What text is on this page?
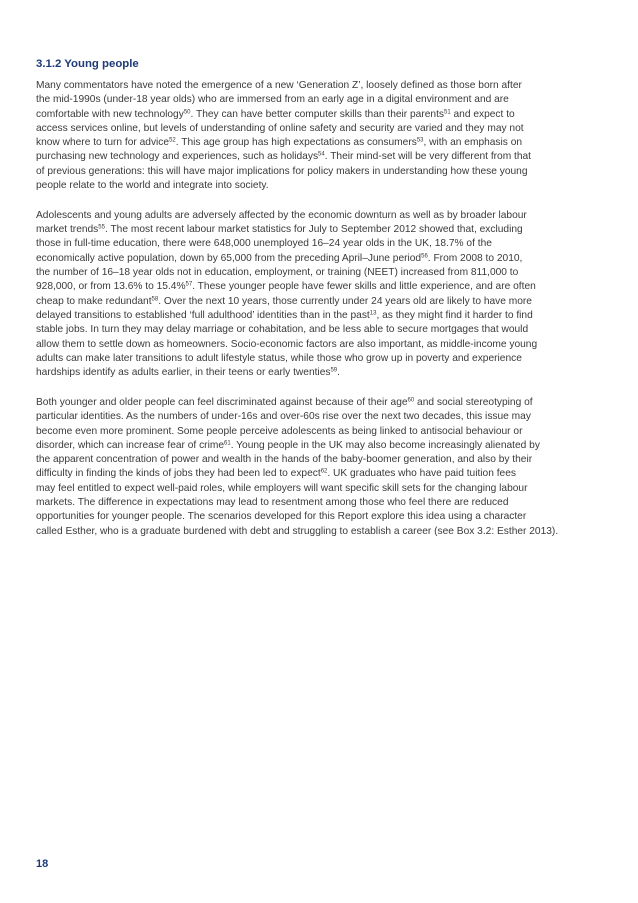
3.1.2 Young people

Many commentators have noted the emergence of a new ‘Generation Z’, loosely defined as those born after
the mid-1990s (under-18 year olds) who are immersed from an early age in a digital environment and are
comfortable with new technology$^{50}$. They can have better computer skills than their parents$^{51}$ and expect to
access services online, but levels of understanding of online safety and security are varied and they may not
know where to turn for advice$^{52}$. This age group has high expectations as consumers$^{53}$, with an emphasis on
purchasing new technology and experiences, such as holidays$^{54}$. Their mind-set will be very different from that
of previous generations: this will have major implications for policy makers in understanding how these young
people relate to the world and integrate into society.

Adolescents and young adults are adversely affected by the economic downturn as well as by broader labour
market trends$^{55}$. The most recent labour market statistics for July to September 2012 showed that, excluding
those in full-time education, there were 648,000 unemployed 16–24 year olds in the UK, 18.7% of the
economically active population, down by 65,000 from the preceding April–June period$^{56}$. From 2008 to 2010,
the number of 16–18 year olds not in education, employment, or training (NEET) increased from 811,000 to
928,000, or from 13.6% to 15.4%$^{57}$. These younger people have fewer skills and little experience, and are often
cheap to make redundant$^{58}$. Over the next 10 years, those currently under 24 years old are likely to have more
delayed transitions to established ‘full adulthood’ identities than in the past$^{13}$, as they might find it harder to find
stable jobs. In turn they may delay marriage or cohabitation, and be less able to secure mortgages that would
allow them to settle down as homeowners. Socio-economic factors are also important, as middle-income young
adults can make later transitions to adult lifestyle status, while those who grow up in poverty and experience
hardships identify as adults earlier, in their teens or early twenties$^{59}$.

Both younger and older people can feel discriminated against because of their age$^{60}$ and social stereotyping of
particular identities. As the numbers of under-16s and over-60s rise over the next two decades, this issue may
become even more prominent. Some people perceive adolescents as being linked to antisocial behaviour or
disorder, which can increase fear of crime$^{61}$. Young people in the UK may also become increasingly alienated by
the apparent concentration of power and wealth in the hands of the baby-boomer generation, and also by their
difficulty in finding the kinds of jobs they had been led to expect$^{62}$. UK graduates who have paid tuition fees
may feel entitled to expect well-paid roles, while employers will want specific skill sets for the changing labour
markets. The difference in expectations may lead to resentment among those who feel there are reduced
opportunities for younger people. The scenarios developed for this Report explore this idea using a character
called Esther, who is a graduate burdened with debt and struggling to establish a career (see Box 3.2: Esther 2013).

18
